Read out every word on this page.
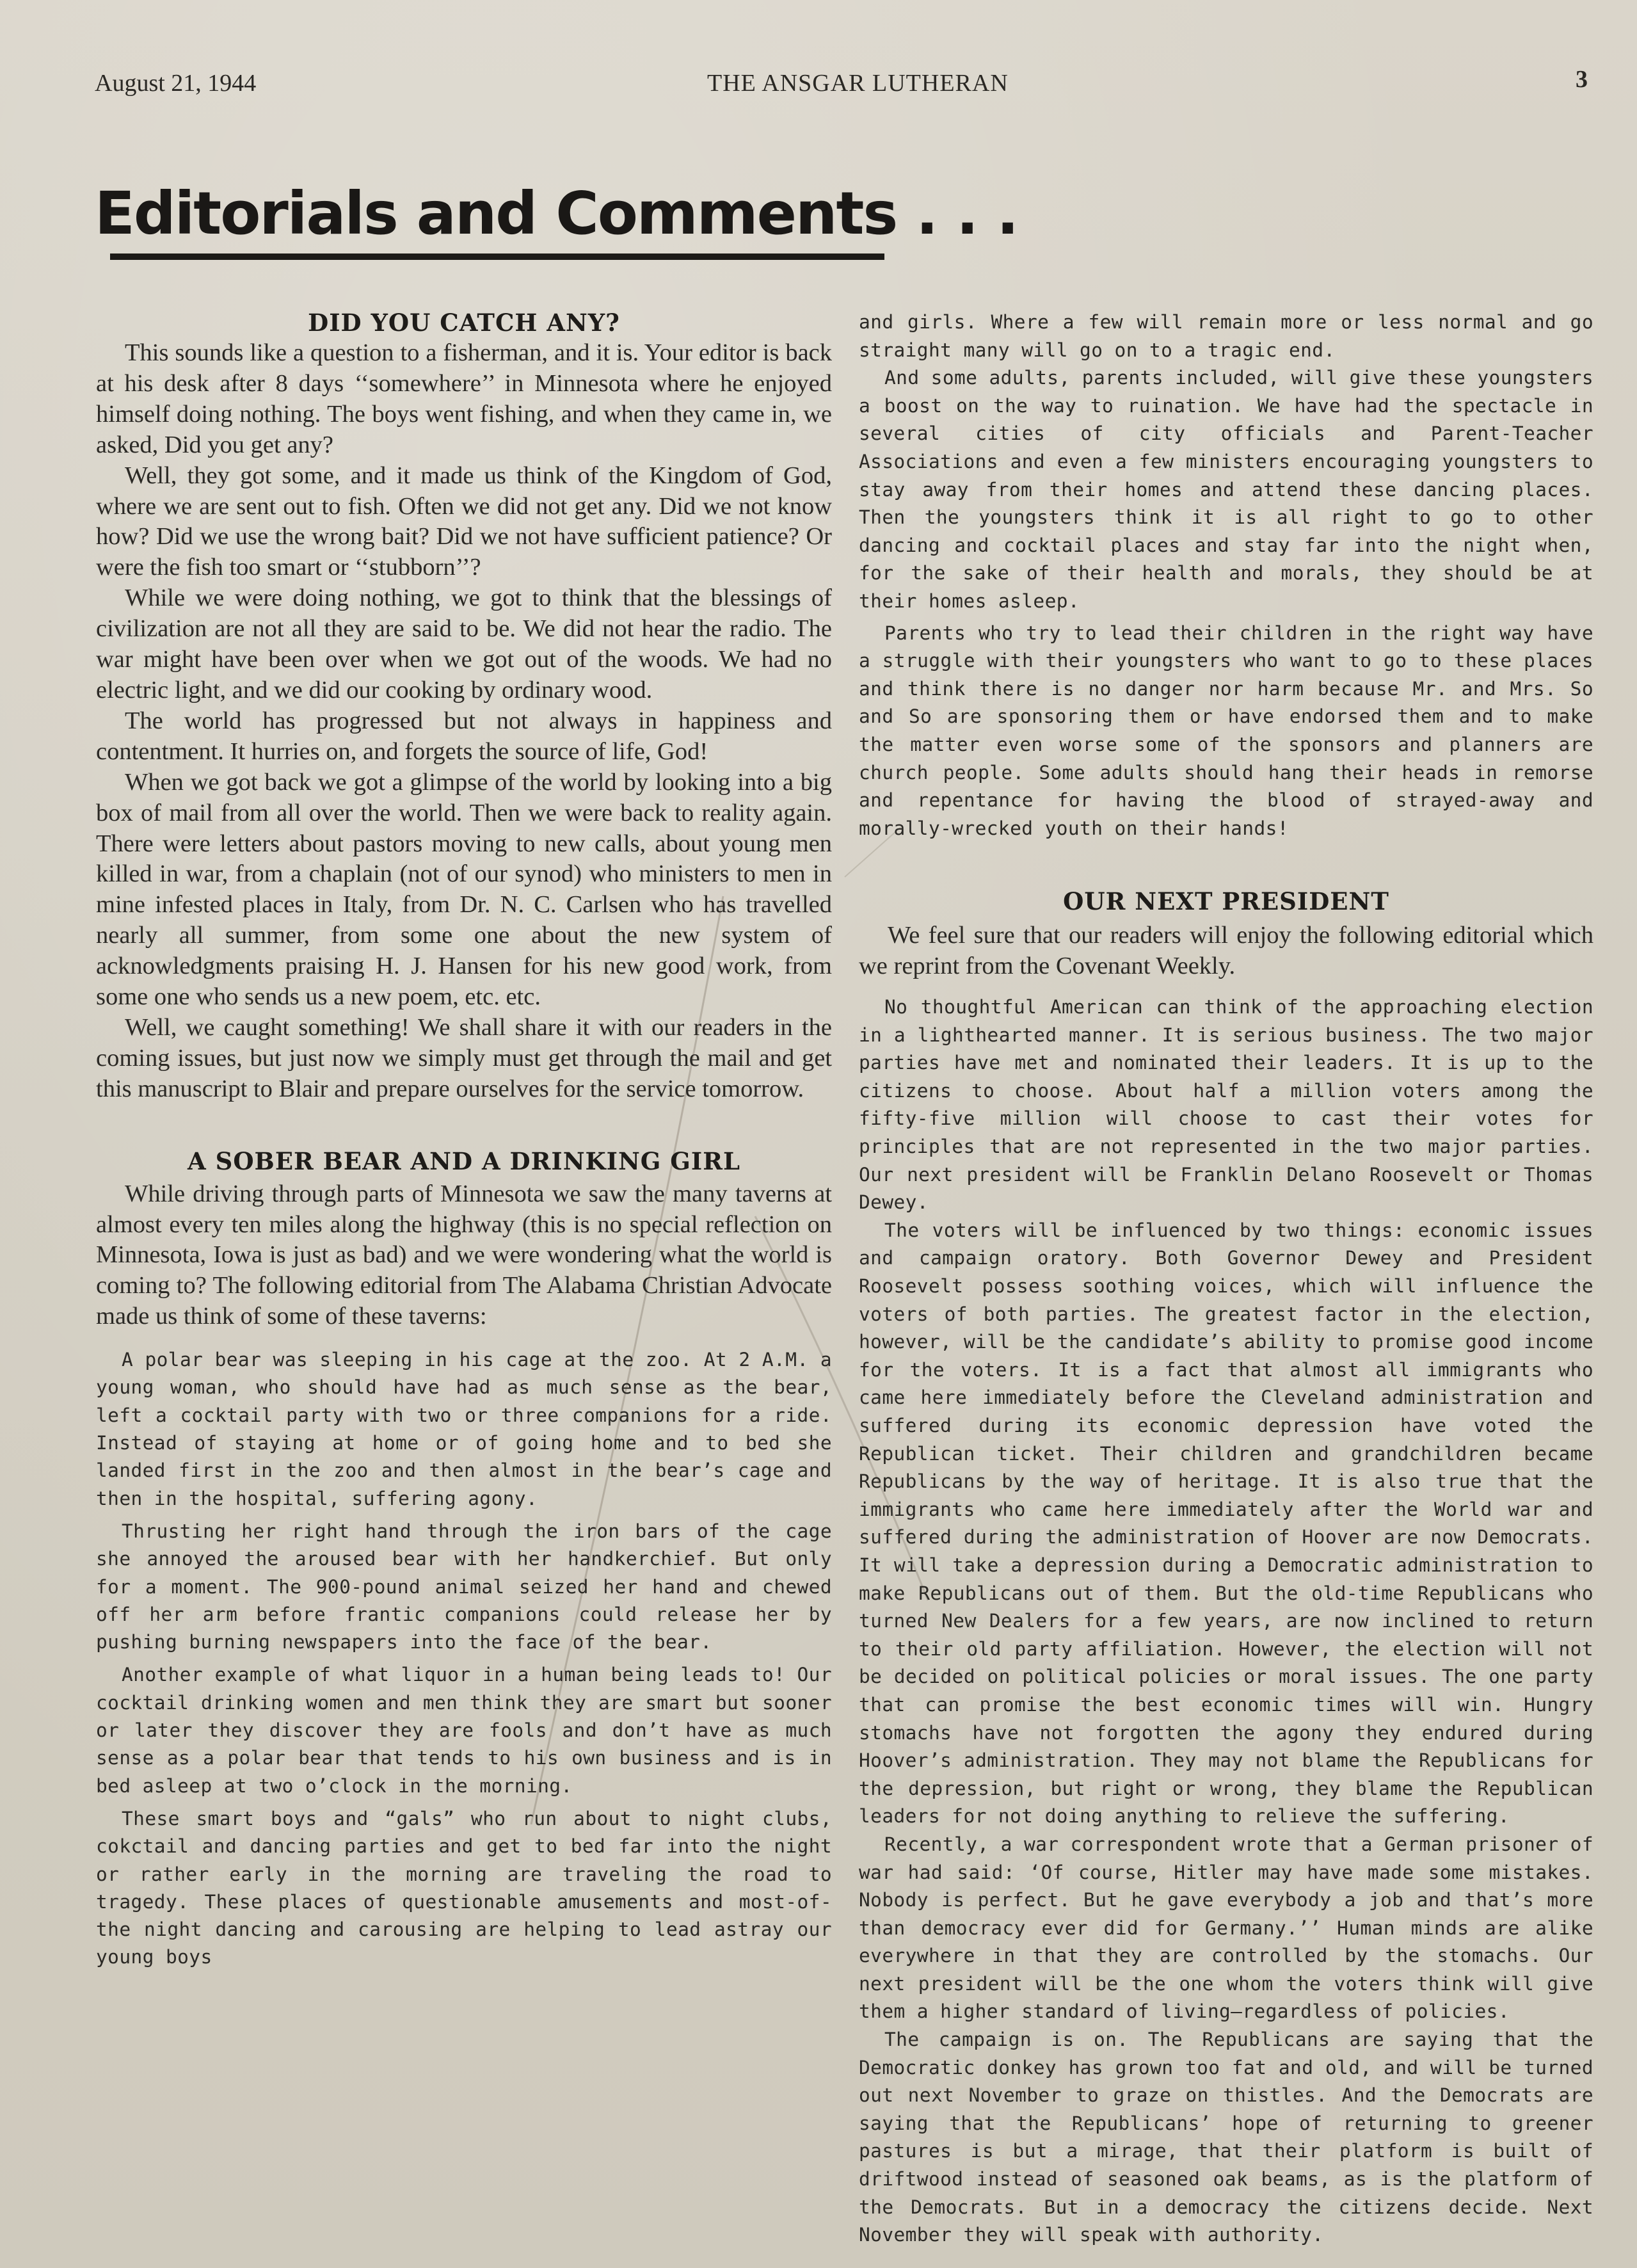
August 21, 1944	THE ANSGAR LUTHERAN	3
Editorials and Comments . . .
DID YOU CATCH ANY?

This sounds like a question to a fisherman, and it is. Your editor is back at his desk after 8 days ‘‘somewhere’’ in Minnesota where he enjoyed himself doing nothing. The boys went fishing, and when they came in, we asked, Did you get any?

Well, they got some, and it made us think of the Kingdom of God, where we are sent out to fish. Often we did not get any. Did we not know how? Did we use the wrong bait? Did we not have sufficient patience? Or were the fish too smart or ‘‘stubborn’’?

While we were doing nothing, we got to think that the blessings of civilization are not all they are said to be. We did not hear the radio. The war might have been over when we got out of the woods. We had no electric light, and we did our cooking by ordinary wood.

The world has progressed but not always in happiness and contentment. It hurries on, and forgets the source of life, God!

When we got back we got a glimpse of the world by looking into a big box of mail from all over the world. Then we were back to reality again. There were letters about pastors moving to new calls, about young men killed in war, from a chaplain (not of our synod) who ministers to men in mine infested places in Italy, from Dr. N. C. Carlsen who has travelled nearly all summer, from some one about the new system of acknowledgments praising H. J. Hansen for his new good work, from some one who sends us a new poem, etc. etc.

Well, we caught something! We shall share it with our readers in the coming issues, but just now we simply must get through the mail and get this manuscript to Blair and prepare ourselves for the service tomorrow.

A SOBER BEAR AND A DRINKING GIRL

While driving through parts of Minnesota we saw the many taverns at almost every ten miles along the highway (this is no special reflection on Minnesota, Iowa is just as bad) and we were wondering what the world is coming to? The following editorial from The Alabama Christian Advocate made us think of some of these taverns:

A polar bear was sleeping in his cage at the zoo. At 2 A.M. a young woman, who should have had as much sense as the bear, left a cocktail party with two or three companions for a ride. Instead of staying at home or of going home and to bed she landed first in the zoo and then almost in the bear’s cage and then in the hospital, suffering agony.

Thrusting her right hand through the iron bars of the cage she annoyed the aroused bear with her handkerchief. But only for a moment. The 900-pound animal seized her hand and chewed off her arm before frantic companions could release her by pushing burning newspapers into the face of the bear.

Another example of what liquor in a human being leads to! Our cocktail drinking women and men think they are smart but sooner or later they discover they are fools and don’t have as much sense as a polar bear that tends to his own business and is in bed asleep at two o’clock in the morning.

These smart boys and “gals” who run about to night clubs, cokctail and dancing parties and get to bed far into the night or rather early in the morning are traveling the road to tragedy. These places of questionable amusements and most-of-the night dancing and carousing are helping to lead astray our young boys

and girls. Where a few will remain more or less normal and go straight many will go on to a tragic end.

And some adults, parents included, will give these youngsters a boost on the way to ruination. We have had the spectacle in several cities of city officials and Parent-Teacher Associations and even a few ministers encouraging youngsters to stay away from their homes and attend these dancing places. Then the youngsters think it is all right to go to other dancing and cocktail places and stay far into the night when, for the sake of their health and morals, they should be at their homes asleep.

Parents who try to lead their children in the right way have a struggle with their youngsters who want to go to these places and think there is no danger nor harm because Mr. and Mrs. So and So are sponsoring them or have endorsed them and to make the matter even worse some of the sponsors and planners are church people. Some adults should hang their heads in remorse and repentance for having the blood of strayed-away and morally-wrecked youth on their hands!

OUR NEXT PRESIDENT

We feel sure that our readers will enjoy the following editorial which we reprint from the Covenant Weekly.

No thoughtful American can think of the approaching election in a lighthearted manner. It is serious business. The two major parties have met and nominated their leaders. It is up to the citizens to choose. About half a million voters among the fifty-five million will choose to cast their votes for principles that are not represented in the two major parties. Our next president will be Franklin Delano Roosevelt or Thomas Dewey.

The voters will be influenced by two things: economic issues and campaign oratory. Both Governor Dewey and President Roosevelt possess soothing voices, which will influence the voters of both parties. The greatest factor in the election, however, will be the candidate’s ability to promise good income for the voters. It is a fact that almost all immigrants who came here immediately before the Cleveland administration and suffered during its economic depression have voted the Republican ticket. Their children and grandchildren became Republicans by the way of heritage. It is also true that the immigrants who came here immediately after the World war and suffered during the administration of Hoover are now Democrats. It will take a depression during a Democratic administration to make Republicans out of them. But the old-time Republicans who turned New Dealers for a few years, are now inclined to return to their old party affiliation. However, the election will not be decided on political policies or moral issues. The one party that can promise the best economic times will win. Hungry stomachs have not forgotten the agony they endured during Hoover’s administration. They may not blame the Republicans for the depression, but right or wrong, they blame the Republican leaders for not doing anything to relieve the suffering.

Recently, a war correspondent wrote that a German prisoner of war had said: ‘Of course, Hitler may have made some mistakes. Nobody is perfect. But he gave everybody a job and that’s more than democracy ever did for Germany.’’ Human minds are alike everywhere in that they are controlled by the stomachs. Our next president will be the one whom the voters think will give them a higher standard of living—regardless of policies.

The campaign is on. The Republicans are saying that the Democratic donkey has grown too fat and old, and will be turned out next November to graze on thistles. And the Democrats are saying that the Republicans’ hope of returning to greener pastures is but a mirage, that their platform is built of driftwood instead of seasoned oak beams, as is the platform of the Democrats. But in a democracy the citizens decide. Next November they will speak with authority.
